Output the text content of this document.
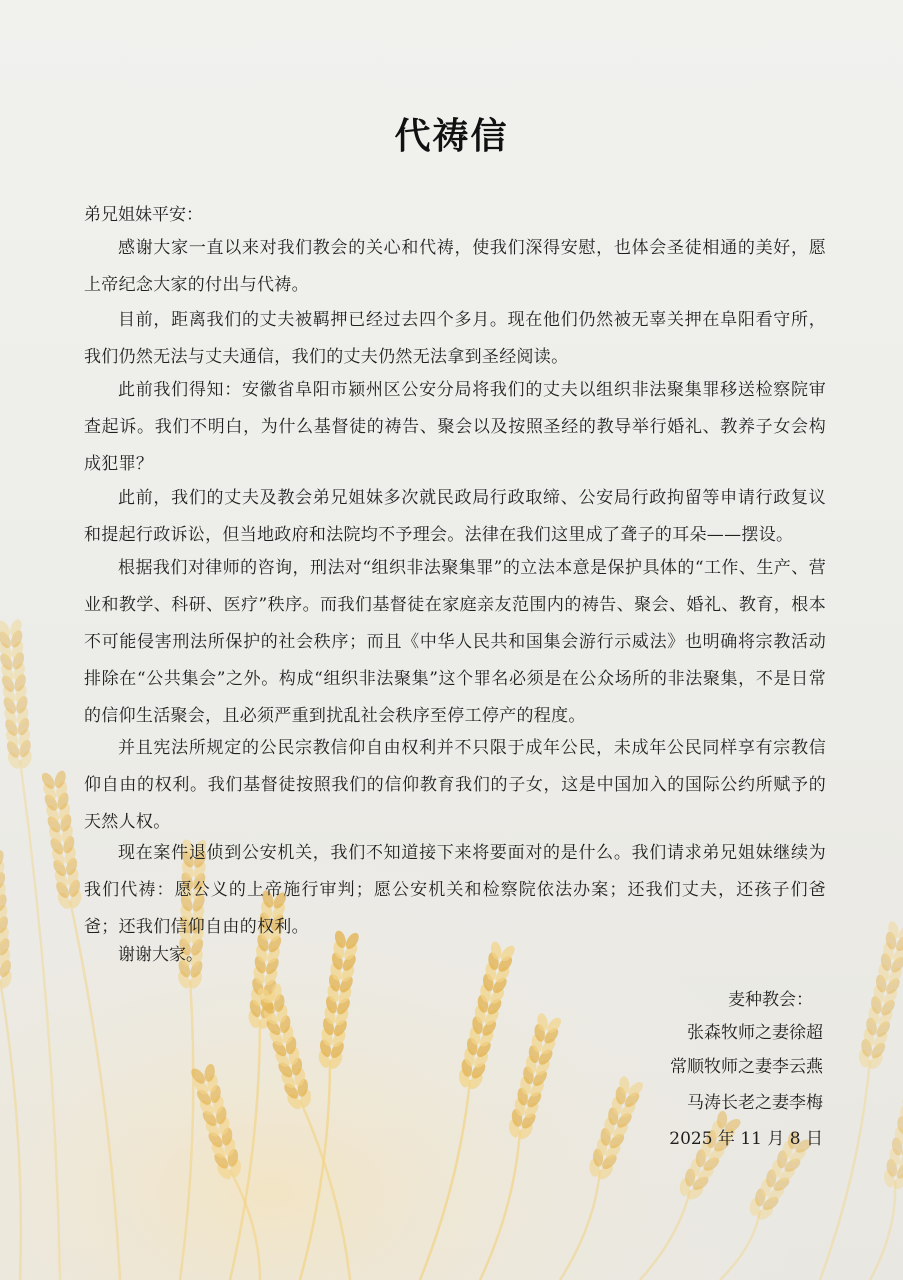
代祷信
弟兄姐妹平安：

感谢大家一直以来对我们教会的关心和代祷，使我们深得安慰，也体会圣徒相通的美好，愿上帝纪念大家的付出与代祷。

目前，距离我们的丈夫被羁押已经过去四个多月。现在他们仍然被无辜关押在阜阳看守所，我们仍然无法与丈夫通信，我们的丈夫仍然无法拿到圣经阅读。

此前我们得知：安徽省阜阳市颍州区公安分局将我们的丈夫以组织非法聚集罪移送检察院审查起诉。我们不明白，为什么基督徒的祷告、聚会以及按照圣经的教导举行婚礼、教养子女会构成犯罪？

此前，我们的丈夫及教会弟兄姐妹多次就民政局行政取缔、公安局行政拘留等申请行政复议和提起行政诉讼，但当地政府和法院均不予理会。法律在我们这里成了聋子的耳朵——摆设。

根据我们对律师的咨询，刑法对“组织非法聚集罪”的立法本意是保护具体的“工作、生产、营业和教学、科研、医疗”秩序。而我们基督徒在家庭亲友范围内的祷告、聚会、婚礼、教育，根本不可能侵害刑法所保护的社会秩序；而且《中华人民共和国集会游行示威法》也明确将宗教活动排除在“公共集会”之外。构成“组织非法聚集”这个罪名必须是在公众场所的非法聚集，不是日常的信仰生活聚会，且必须严重到扰乱社会秩序至停工停产的程度。

并且宪法所规定的公民宗教信仰自由权利并不只限于成年公民，未成年公民同样享有宗教信仰自由的权利。我们基督徒按照我们的信仰教育我们的子女，这是中国加入的国际公约所赋予的天然人权。

现在案件退侦到公安机关，我们不知道接下来将要面对的是什么。我们请求弟兄姐妹继续为我们代祷：愿公义的上帝施行审判；愿公安机关和检察院依法办案；还我们丈夫，还孩子们爸爸；还我们信仰自由的权利。

谢谢大家。
麦种教会：
张森牧师之妻徐超
常顺牧师之妻李云燕
马涛长老之妻李梅
2025 年 11 月 8 日
